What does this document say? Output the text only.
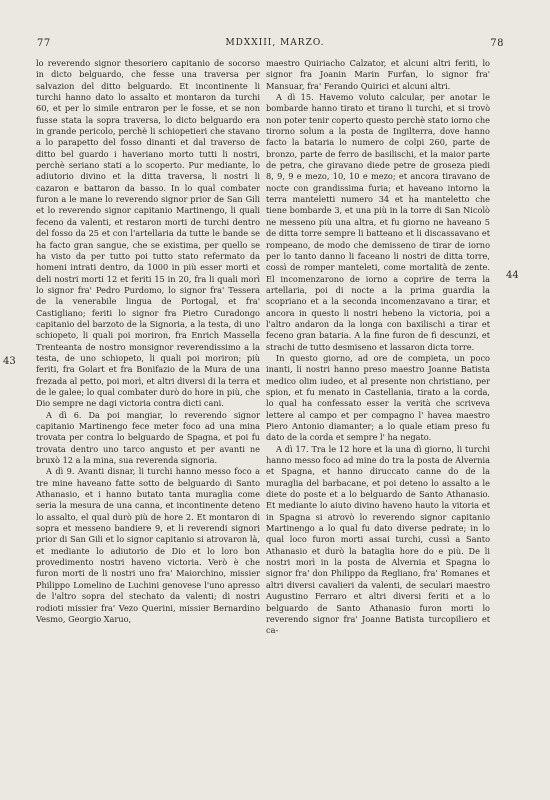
77	MDXXIII, MARZO.	78
43
44

lo reverendo signor thesoriero capitanio de socorso in dicto belguardo, che fesse una traversa per salvazion del ditto belguardo. Et incontinente li turchi hanno dato lo assalto et montaron da turchi 60, et per lo simile entraron per le fosse, et se non fusse stata la sopra traversa, lo dicto belguardo era in grande pericolo, perchè li schiopetieri che stavano a lo parapetto del fosso dinanti et dal traverso de ditto bel guardo i haveriano morto tutti li nostri, perchè seriano stati a lo scoperto. Pur mediante, lo adiutorio divino et la ditta traversa, li nostri li cazaron e battaron da basso. In lo qual combater furon a le mane lo reverendo signor prior de San Gili et lo reverendo signor capitanio Martinengo, li quali feceno da valenti, et restaron morti de turchi dentro del fosso da 25 et con l'artellaria da tutte le bande se ha facto gran sangue, che se existima, per quello se ha visto da per tutto poi tutto stato refermato da homeni intrati dentro, da 1000 in più esser morti et deli nostri morti 12 et feriti 15 in 20, fra li quali morì lo signor fra' Pedro Purdomo, lo signor fra' Tessera de la venerabile lingua de Portogal, et fra' Castigliano; feriti lo signor fra Pietro Curadongo capitanio del barzoto de la Signoria, a la testa, di uno schiopeto, li quali poi moriron, fra Enrich Massella Trenteanta de nostro monsignor reverendissimo a la testa, de uno schiopeto, li quali poi moriron; più feriti, fra Golart et fra Bonifazio de la Mura de una frezada al petto, poi morì, et altri diversi di la terra et de le galee; lo qual combater durò do hore in più, che Dio sempre ne dagi victoria contra dicti cani.

A dì 6. Da poi mangiar, lo reverendo signor capitanio Martinengo fece meter foco ad una mina trovata per contra lo belguardo de Spagna, et poi fu trovata dentro uno tarco angusto et per avanti ne bruxò 12 a la mina, sua reverenda signoria.

A dì 9. Avanti disnar, li turchi hanno messo foco a tre mine haveano fatte sotto de belguardo di Santo Athanasio, et i hanno butato tanta muraglia come seria la mesura de una canna, et incontinente deteno lo assalto, el qual durò più de hore 2. Et montaron di sopra et messeno bandiere 9, et li reverendi signori prior di San Gili et lo signor capitanio si atrovaron là, et mediante lo adiutorio de Dio et lo loro bon provedimento nostri haveno victoria. Verò è che furon morti de li nostri uno fra' Maiorchino, missier Philippo Lomelino de Luchini genovese l'uno apresso de l'altro sopra del stechato da valenti; di nostri rodioti missier fra' Vezo Querini, missier Bernardino Vesmo, Georgio Xaruo,

maestro Quiriacho Calzator, et alcuni altri feriti, lo signor fra Joanin Marin Furfan, lo signor fra' Mansuar, fra' Ferando Quirici et alcuni altri.

A dì 15. Havemo voluto calcular, per anotar le bombarde hanno tirato et tirano li turchi, et si trovò non poter tenir coperto questo perchè stato iorno che tirorno solum a la posta de Ingilterra, dove hanno facto la bataria lo numero de colpi 260, parte de bronzo, parte de ferro de basilischi, et la maior parte de petra, che giravano diede petre de groseza piedi 8, 9, 9 e mezo, 10, 10 e mezo; et ancora tiravano de nocte con grandissima furia; et haveano intorno la terra manteletti numero 34 et ha manteletto che tiene bombarde 3, et una più in la torre di San Nicolò ne messeno più una altra, et fu giorno ne haveano 5 de ditta torre sempre li batteano et li discassavano et rompeano, de modo che demisseno de tirar de iorno per lo tanto danno li faceano li nostri de ditta torre, cossì de romper manteleti, come mortalità de zente. El incomenzarono de iorno a coprire de terra la artellaria, poi di nocte a la prima guardia la scopriano et a la seconda incomenzavano a tirar, et ancora in questo li nostri hebeno la victoria, poi a l'altro andaron da la longa con baxilischi a tirar et feceno gran bataria. A la fine furon de fi descunzi, et strachi de tutto desmiseno et lassaron dicta torre.

In questo giorno, ad ore de compieta, un poco inanti, li nostri hanno preso maestro Joanne Batista medico olim iudeo, et al presente non christiano, per spion, et fu menato in Castellania, tirato a la corda, lo qual ha confessato esser la verità che scriveva lettere al campo et per compagno l' havea maestro Piero Antonio diamanter; a lo quale etiam preso fu dato de la corda et sempre l' ha negato.

A dì 17. Tra le 12 hore et la una dì giorno, li turchi hanno messo foco ad mine do tra la posta de Alvernia et Spagna, et hanno diruccato canne do de la muraglia del barbacane, et poi deteno lo assalto a le diete do poste et a lo belguardo de Santo Athanasio. Et mediante lo aiuto divino haveno hauto la vitoria et in Spagna si atrovò lo reverendo signor capitanio Martinengo a lo qual fu dato diverse pedrate; in lo qual loco furon morti assai turchi, cussì a Santo Athanasio et durò la bataglia hore do e più. De li nostri morì in la posta de Alvernia et Spagna lo signor fra' don Philippo da Regliano, fra' Romanes et altri diversi cavalieri da valenti, de seculari maestro Augustino Ferraro et altri diversi feriti et a lo belguardo de Santo Athanasio furon morti lo reverendo signor fra' Joanne Batista turcopiliero et ca-
